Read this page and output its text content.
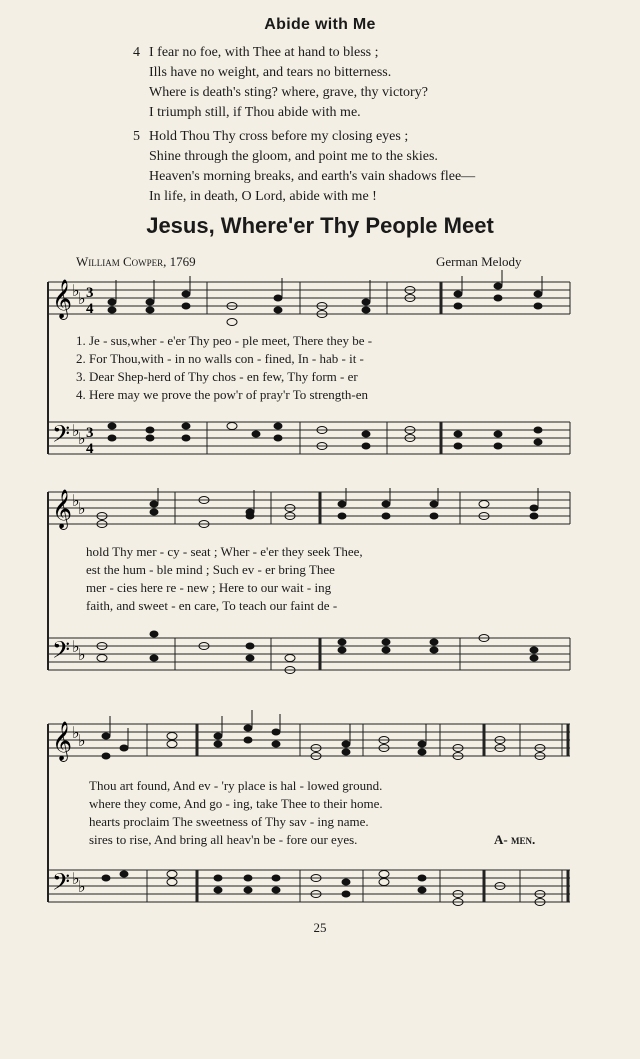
Abide with Me
4 I fear no foe, with Thee at hand to bless ;
Ills have no weight, and tears no bitterness.
Where is death's sting? where, grave, thy victory?
I triumph still, if Thou abide with me.
5 Hold Thou Thy cross before my closing eyes ;
Shine through the gloom, and point me to the skies.
Heaven's morning breaks, and earth's vain shadows flee—
In life, in death, O Lord, abide with me !
Jesus, Where'er Thy People Meet
William Cowper, 1769	German Melody
𝄞
𝄢
♭
♭
♭
♭
3
4
3
4
1. Je - sus,wher - e'er Thy peo - ple meet, There they be -
2. For Thou,with - in no walls con - fined, In - hab - it -
3. Dear Shep-herd of Thy chos - en few, Thy form - er
4. Here may we prove the pow'r of pray'r To strength-en
𝄞
𝄢
♭
♭
♭
♭
hold Thy mer - cy - seat ; Wher - e'er they seek Thee,
est the hum - ble mind ; Such ev - er bring Thee
mer - cies here re - new ; Here to our wait - ing
faith, and sweet - en care, To teach our faint de -
𝄞
𝄢
♭
♭
♭
♭
Thou art found, And ev - 'ry place is hal - lowed ground.
where they come, And go - ing, take Thee to their home.
hearts proclaim The sweetness of Thy sav - ing name.
sires to rise, And bring all heav'n be - fore our eyes.	A- men.
25
